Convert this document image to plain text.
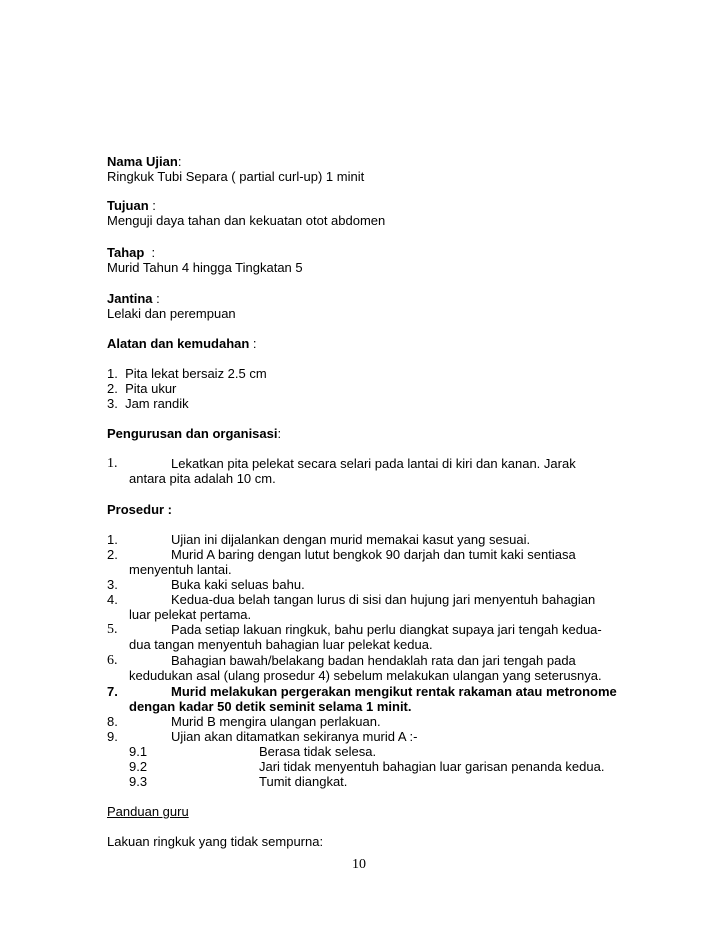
Nama Ujian:
Ringkuk Tubi Separa ( partial curl-up) 1 minit
Tujuan :
Menguji daya tahan dan kekuatan otot abdomen
Tahap  :
Murid Tahun 4 hingga Tingkatan 5
Jantina :
Lelaki dan perempuan
Alatan dan kemudahan :
1. Pita lekat bersaiz 2.5 cm
2. Pita ukur
3. Jam randik
Pengurusan dan organisasi:
1.	Lekatkan pita pelekat secara selari pada lantai di kiri dan kanan. Jarak
antara pita adalah 10 cm.
Prosedur :
1.	Ujian ini dijalankan dengan murid memakai kasut yang sesuai.
2.	Murid A baring dengan lutut bengkok 90 darjah dan tumit kaki sentiasa
menyentuh lantai.
3.	Buka kaki seluas bahu.
4.	Kedua-dua belah tangan lurus di sisi dan hujung jari menyentuh bahagian
luar pelekat pertama.
5.	Pada setiap lakuan ringkuk, bahu perlu diangkat supaya jari tengah kedua-
dua tangan menyentuh bahagian luar pelekat kedua.
6.	Bahagian bawah/belakang badan hendaklah rata dan jari tengah pada
kedudukan asal (ulang prosedur 4) sebelum melakukan ulangan yang seterusnya.
7.	Murid melakukan pergerakan mengikut rentak rakaman atau metronome
dengan kadar 50 detik seminit selama 1 minit.
8.	Murid B mengira ulangan perlakuan.
9.	Ujian akan ditamatkan sekiranya murid A :-
9.1	Berasa tidak selesa.
9.2	Jari tidak menyentuh bahagian luar garisan penanda kedua.
9.3	Tumit diangkat.
Panduan guru
Lakuan ringkuk yang tidak sempurna:
10
